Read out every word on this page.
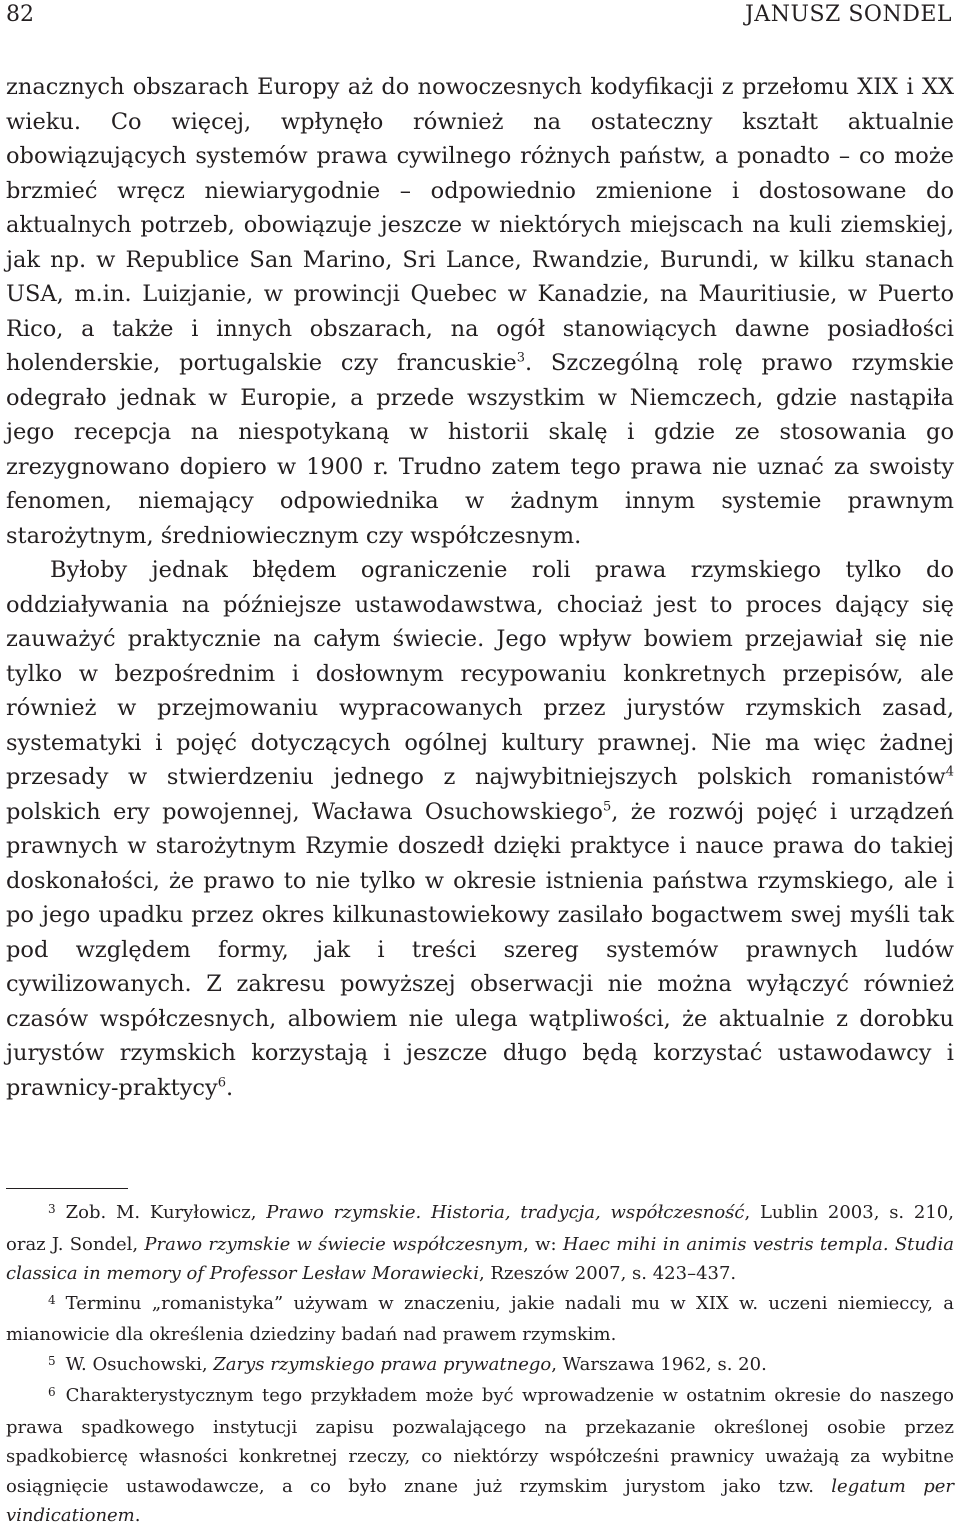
82	JANUSZ SONDEL

znacznych obszarach Europy aż do nowoczesnych kodyfikacji z przełomu XIX i XX wieku. Co więcej, wpłynęło również na ostateczny kształt aktualnie obowiązujących systemów prawa cywilnego różnych państw, a ponadto – co może brzmieć wręcz niewiarygodnie – odpowiednio zmienione i dostosowane do aktualnych potrzeb, obowiązuje jeszcze w niektórych miejscach na kuli ziemskiej, jak np. w Republice San Marino, Sri Lance, Rwandzie, Burundi, w kilku stanach USA, m.in. Luizjanie, w prowincji Quebec w Kanadzie, na Mauritiusie, w Puerto Rico, a także i innych obszarach, na ogół stanowiących dawne posiadłości holenderskie, portugalskie czy francuskie$^3$. Szczególną rolę prawo rzymskie odegrało jednak w Europie, a przede wszystkim w Niemczech, gdzie nastąpiła jego recepcja na niespotykaną w historii skalę i gdzie ze stosowania go zrezygnowano dopiero w 1900 r. Trudno zatem tego prawa nie uznać za swoisty fenomen, niemający odpowiednika w żadnym innym systemie prawnym starożytnym, średniowiecznym czy współczesnym.

Byłoby jednak błędem ograniczenie roli prawa rzymskiego tylko do oddziaływania na późniejsze ustawodawstwa, chociaż jest to proces dający się zauważyć praktycznie na całym świecie. Jego wpływ bowiem przejawiał się nie tylko w bezpośrednim i dosłownym recypowaniu konkretnych przepisów, ale również w przejmowaniu wypracowanych przez jurystów rzymskich zasad, systematyki i pojęć dotyczących ogólnej kultury prawnej. Nie ma więc żadnej przesady w stwierdzeniu jednego z najwybitniejszych polskich romanistów$^4$ polskich ery powojennej, Wacława Osuchowskiego$^5$, że rozwój pojęć i urządzeń prawnych w starożytnym Rzymie doszedł dzięki praktyce i nauce prawa do takiej doskonałości, że prawo to nie tylko w okresie istnienia państwa rzymskiego, ale i po jego upadku przez okres kilkunastowiekowy zasilało bogactwem swej myśli tak pod względem formy, jak i treści szereg systemów prawnych ludów cywilizowanych. Z zakresu powyższej obserwacji nie można wyłączyć również czasów współczesnych, albowiem nie ulega wątpliwości, że aktualnie z dorobku jurystów rzymskich korzystają i jeszcze długo będą korzystać ustawodawcy i prawnicy-praktycy$^6$.

$^3$ Zob. M. Kuryłowicz, Prawo rzymskie. Historia, tradycja, współczesność, Lublin 2003, s. 210, oraz J. Sondel, Prawo rzymskie w świecie współczesnym, w: Haec mihi in animis vestris templa. Studia classica in memory of Professor Lesław Morawiecki, Rzeszów 2007, s. 423–437.

$^4$ Terminu „romanistyka” używam w znaczeniu, jakie nadali mu w XIX w. uczeni niemieccy, a mianowicie dla określenia dziedziny badań nad prawem rzymskim.

$^5$ W. Osuchowski, Zarys rzymskiego prawa prywatnego, Warszawa 1962, s. 20.

$^6$ Charakterystycznym tego przykładem może być wprowadzenie w ostatnim okresie do naszego prawa spadkowego instytucji zapisu pozwalającego na przekazanie określonej osobie przez spadkobiercę własności konkretnej rzeczy, co niektórzy współcześni prawnicy uważają za wybitne osiągnięcie ustawodawcze, a co było znane już rzymskim jurystom jako tzw. legatum per vindicationem.
